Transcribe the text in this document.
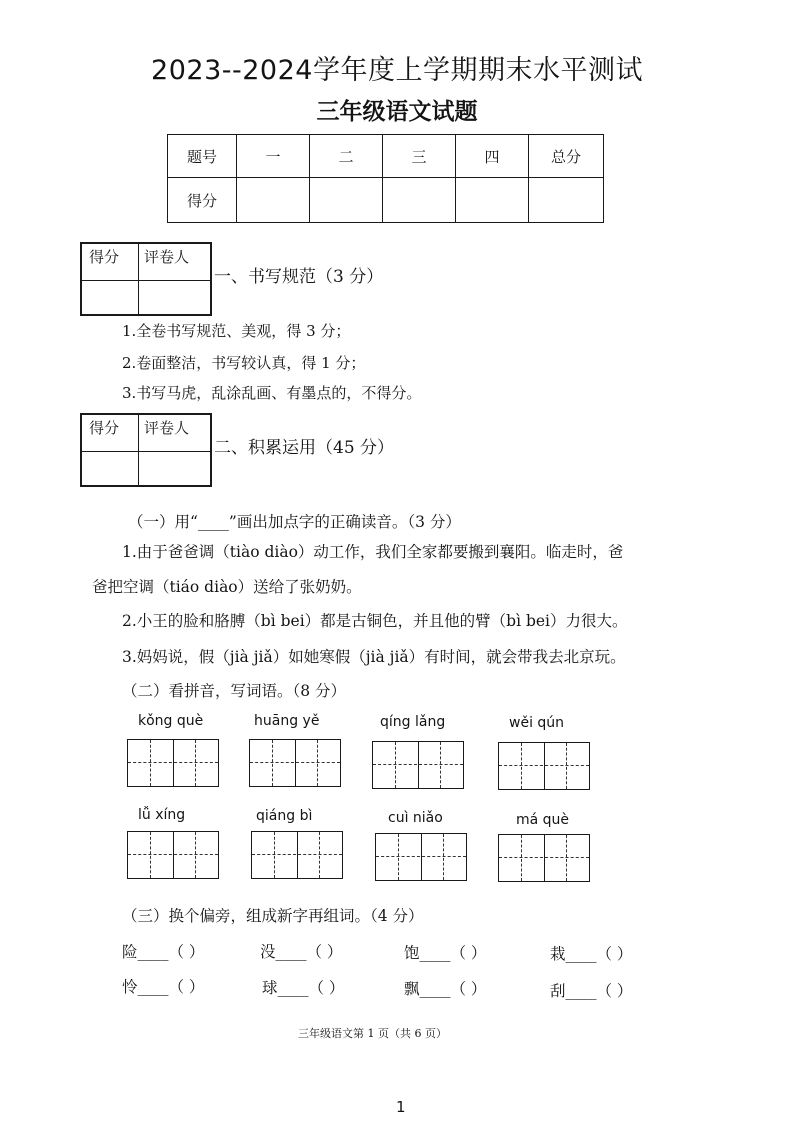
2023--2024学年度上学期期末水平测试
三年级语文试题
题号	一	二	三	四	总分
得分					
得分 评卷人
一、书写规范（3 分）
1.全卷书写规范、美观，得 3 分；
2.卷面整洁，书写较认真，得 1 分；
3.书写马虎，乱涂乱画、有墨点的，不得分。
得分 评卷人
二、积累运用（45 分）
（一）用“____”画出加点字的正确读音。（3 分）
1.由于爸爸调（tiào diào）动工作，我们全家都要搬到襄阳。临走时，爸
爸把空调（tiáo diào）送给了张奶奶。
2.小王的脸和胳膊（bì bei）都是古铜色，并且他的臂（bì bei）力很大。
3.妈妈说，假（jià jiǎ）如她寒假（jià jiǎ）有时间，就会带我去北京玩。
（二）看拼音，写词语。（8 分）
kǒng què	huāng yě	qíng lǎng	wěi qún
lǚ xíng	qiáng bì	cuì niǎo	má què
（三）换个偏旁，组成新字再组词。（4 分）
险____（ ）	没____（ ）	饱____（ ）	栽____（ ）
怜____（ ）	球____（ ）	飘____（ ）	刮____（ ）
三年级语文第 1 页（共 6 页）
1
